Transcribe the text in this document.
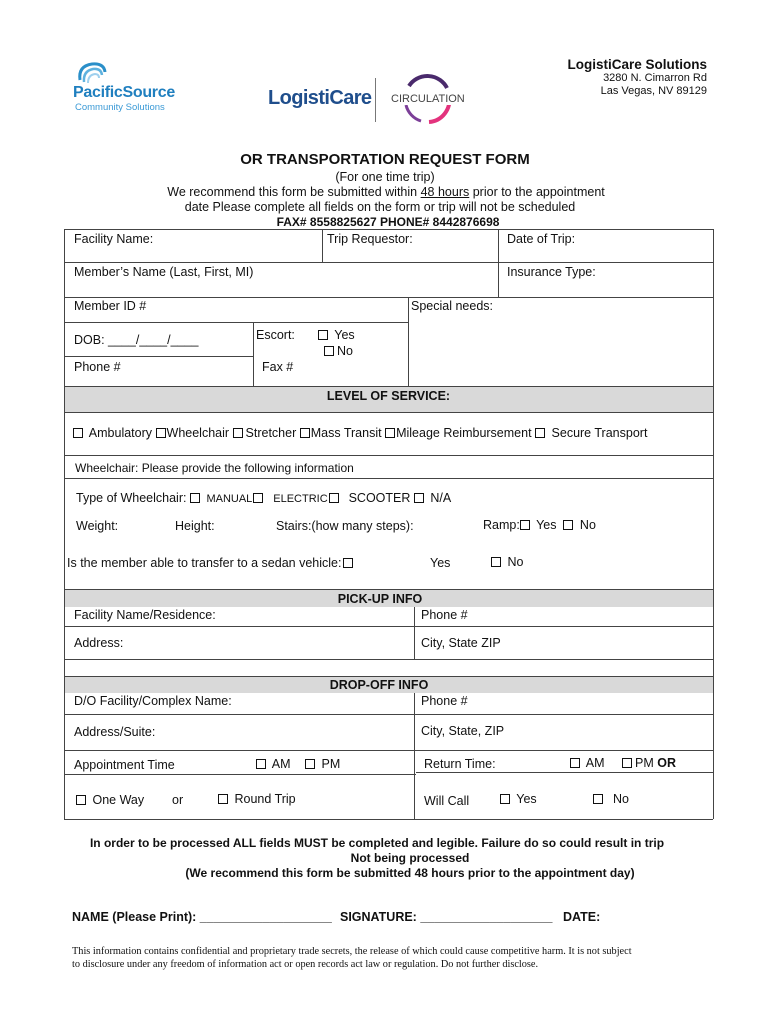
PacificSource
Community Solutions	LogistiCare CIRCULATION
LogistiCare Solutions
3280 N. Cimarron Rd
Las Vegas, NV 89129
OR TRANSPORTATION REQUEST FORM
(For one time trip)
We recommend this form be submitted within 48 hours prior to the appointment
date Please complete all fields on the form or trip will not be scheduled
FAX# 8558825627 PHONE# 8442876698
Facility Name:	Trip Requestor:	Date of Trip:
Member’s Name (Last, First, MI)	Insurance Type:
Member ID #	Special needs:
DOB: ____/____/____	Escort:	Yes
No
Phone #	Fax #
LEVEL OF SERVICE:
Ambulatory Wheelchair Stretcher Mass Transit Mileage Reimbursement Secure Transport
Wheelchair: Please provide the following information
Type of Wheelchair: MANUAL ELECTRIC SCOOTER N/A
Weight:	Height:	Stairs:(how many steps):	Ramp: Yes No
Is the member able to transfer to a sedan vehicle:	Yes	No
PICK-UP INFO
Facility Name/Residence:	Phone #
Address:	City, State ZIP
DROP-OFF INFO
D/O Facility/Complex Name:	Phone #
Address/Suite:	City, State, ZIP
Appointment Time	AM	PM	Return Time:	AM	PM OR
One Way or	Round Trip	Will Call	Yes	No
In order to be processed ALL fields MUST be completed and legible. Failure do so could result in trip
Not being processed
(We recommend this form be submitted 48 hours prior to the appointment day)
NAME (Please Print): ___________________ SIGNATURE: ___________________ DATE:
This information contains confidential and proprietary trade secrets, the release of which could cause competitive harm. It is not subject
to disclosure under any freedom of information act or open records act law or regulation. Do not further disclose.
